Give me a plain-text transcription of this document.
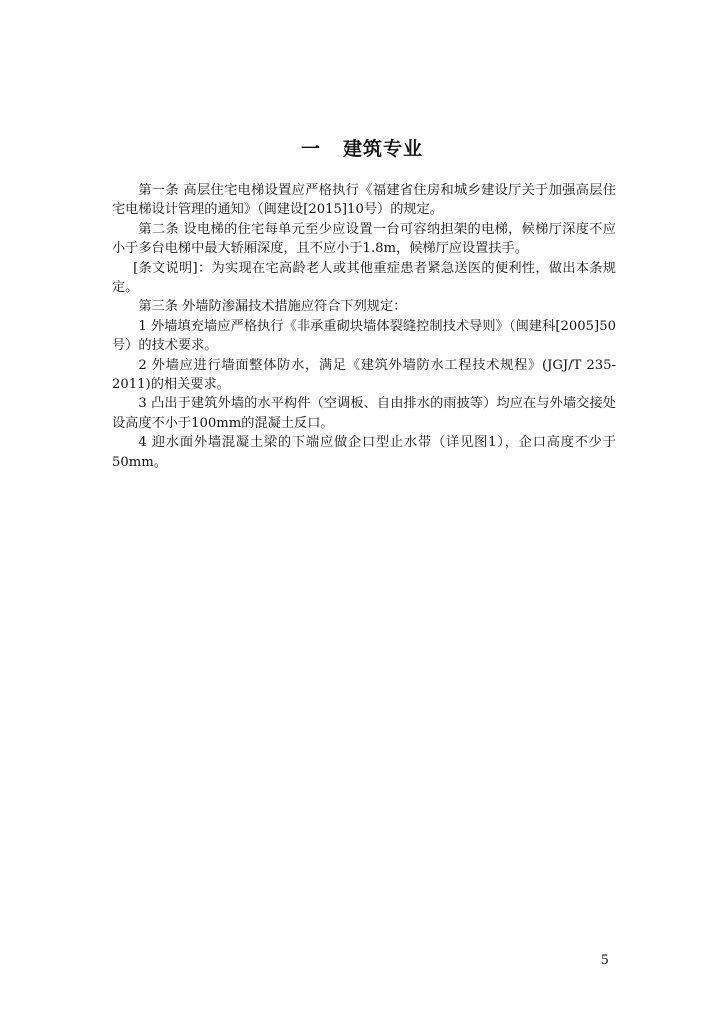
一 建筑专业

第一条 高层住宅电梯设置应严格执行《福建省住房和城乡建设厅关于加强高层住宅电梯设计管理的通知》（闽建设[2015]10号）的规定。

第二条 设电梯的住宅每单元至少应设置一台可容纳担架的电梯，候梯厅深度不应小于多台电梯中最大轿厢深度，且不应小于1.8m，候梯厅应设置扶手。

[条文说明]：为实现在宅高龄老人或其他重症患者紧急送医的便利性，做出本条规定。

第三条 外墙防渗漏技术措施应符合下列规定：

1 外墙填充墙应严格执行《非承重砌块墙体裂缝控制技术导则》（闽建科[2005]50号）的技术要求。

2 外墙应进行墙面整体防水，满足《建筑外墙防水工程技术规程》(JGJ/T 235-2011)的相关要求。

3 凸出于建筑外墙的水平构件（空调板、自由排水的雨披等）均应在与外墙交接处设高度不小于100mm的混凝土反口。

4 迎水面外墙混凝土梁的下端应做企口型止水带（详见图1），企口高度不少于50mm。

5
